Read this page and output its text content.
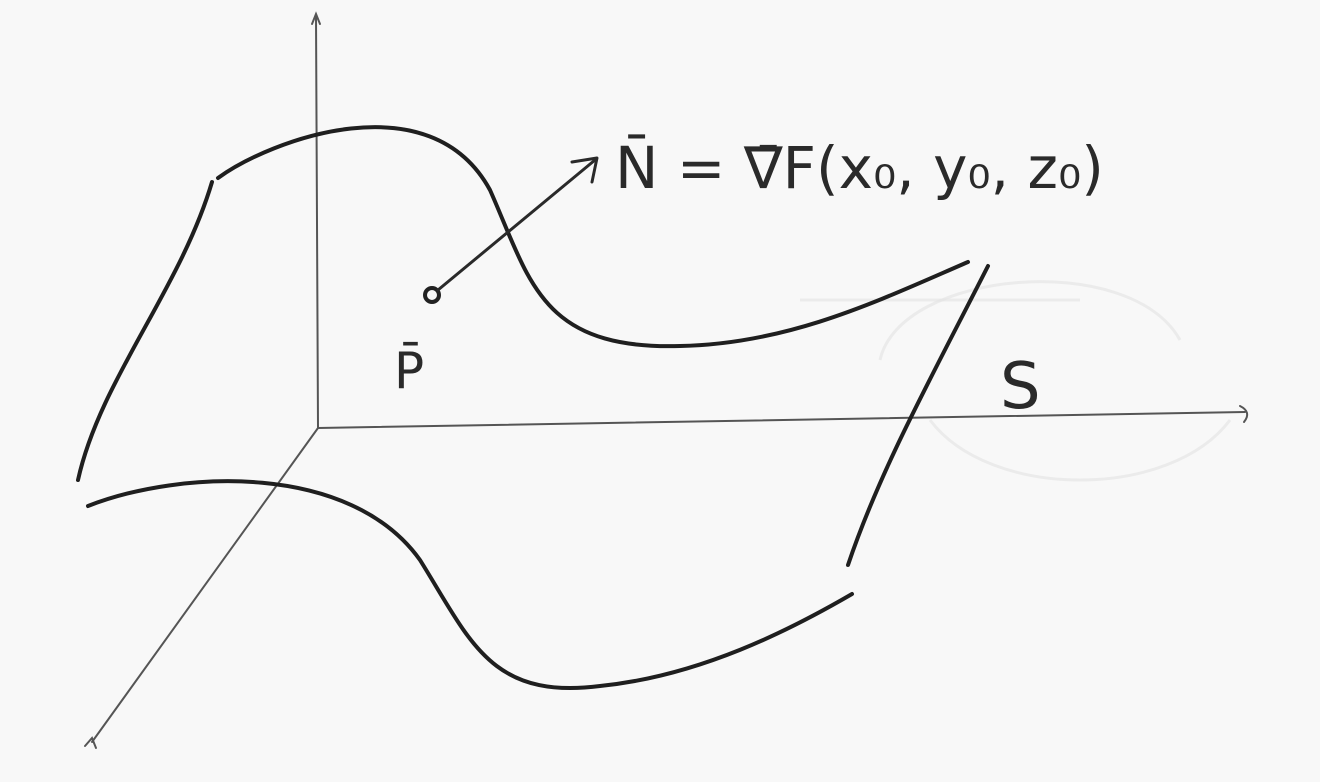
N̄ = ∇̄F(x₀, y₀, z₀)
P̄	S
